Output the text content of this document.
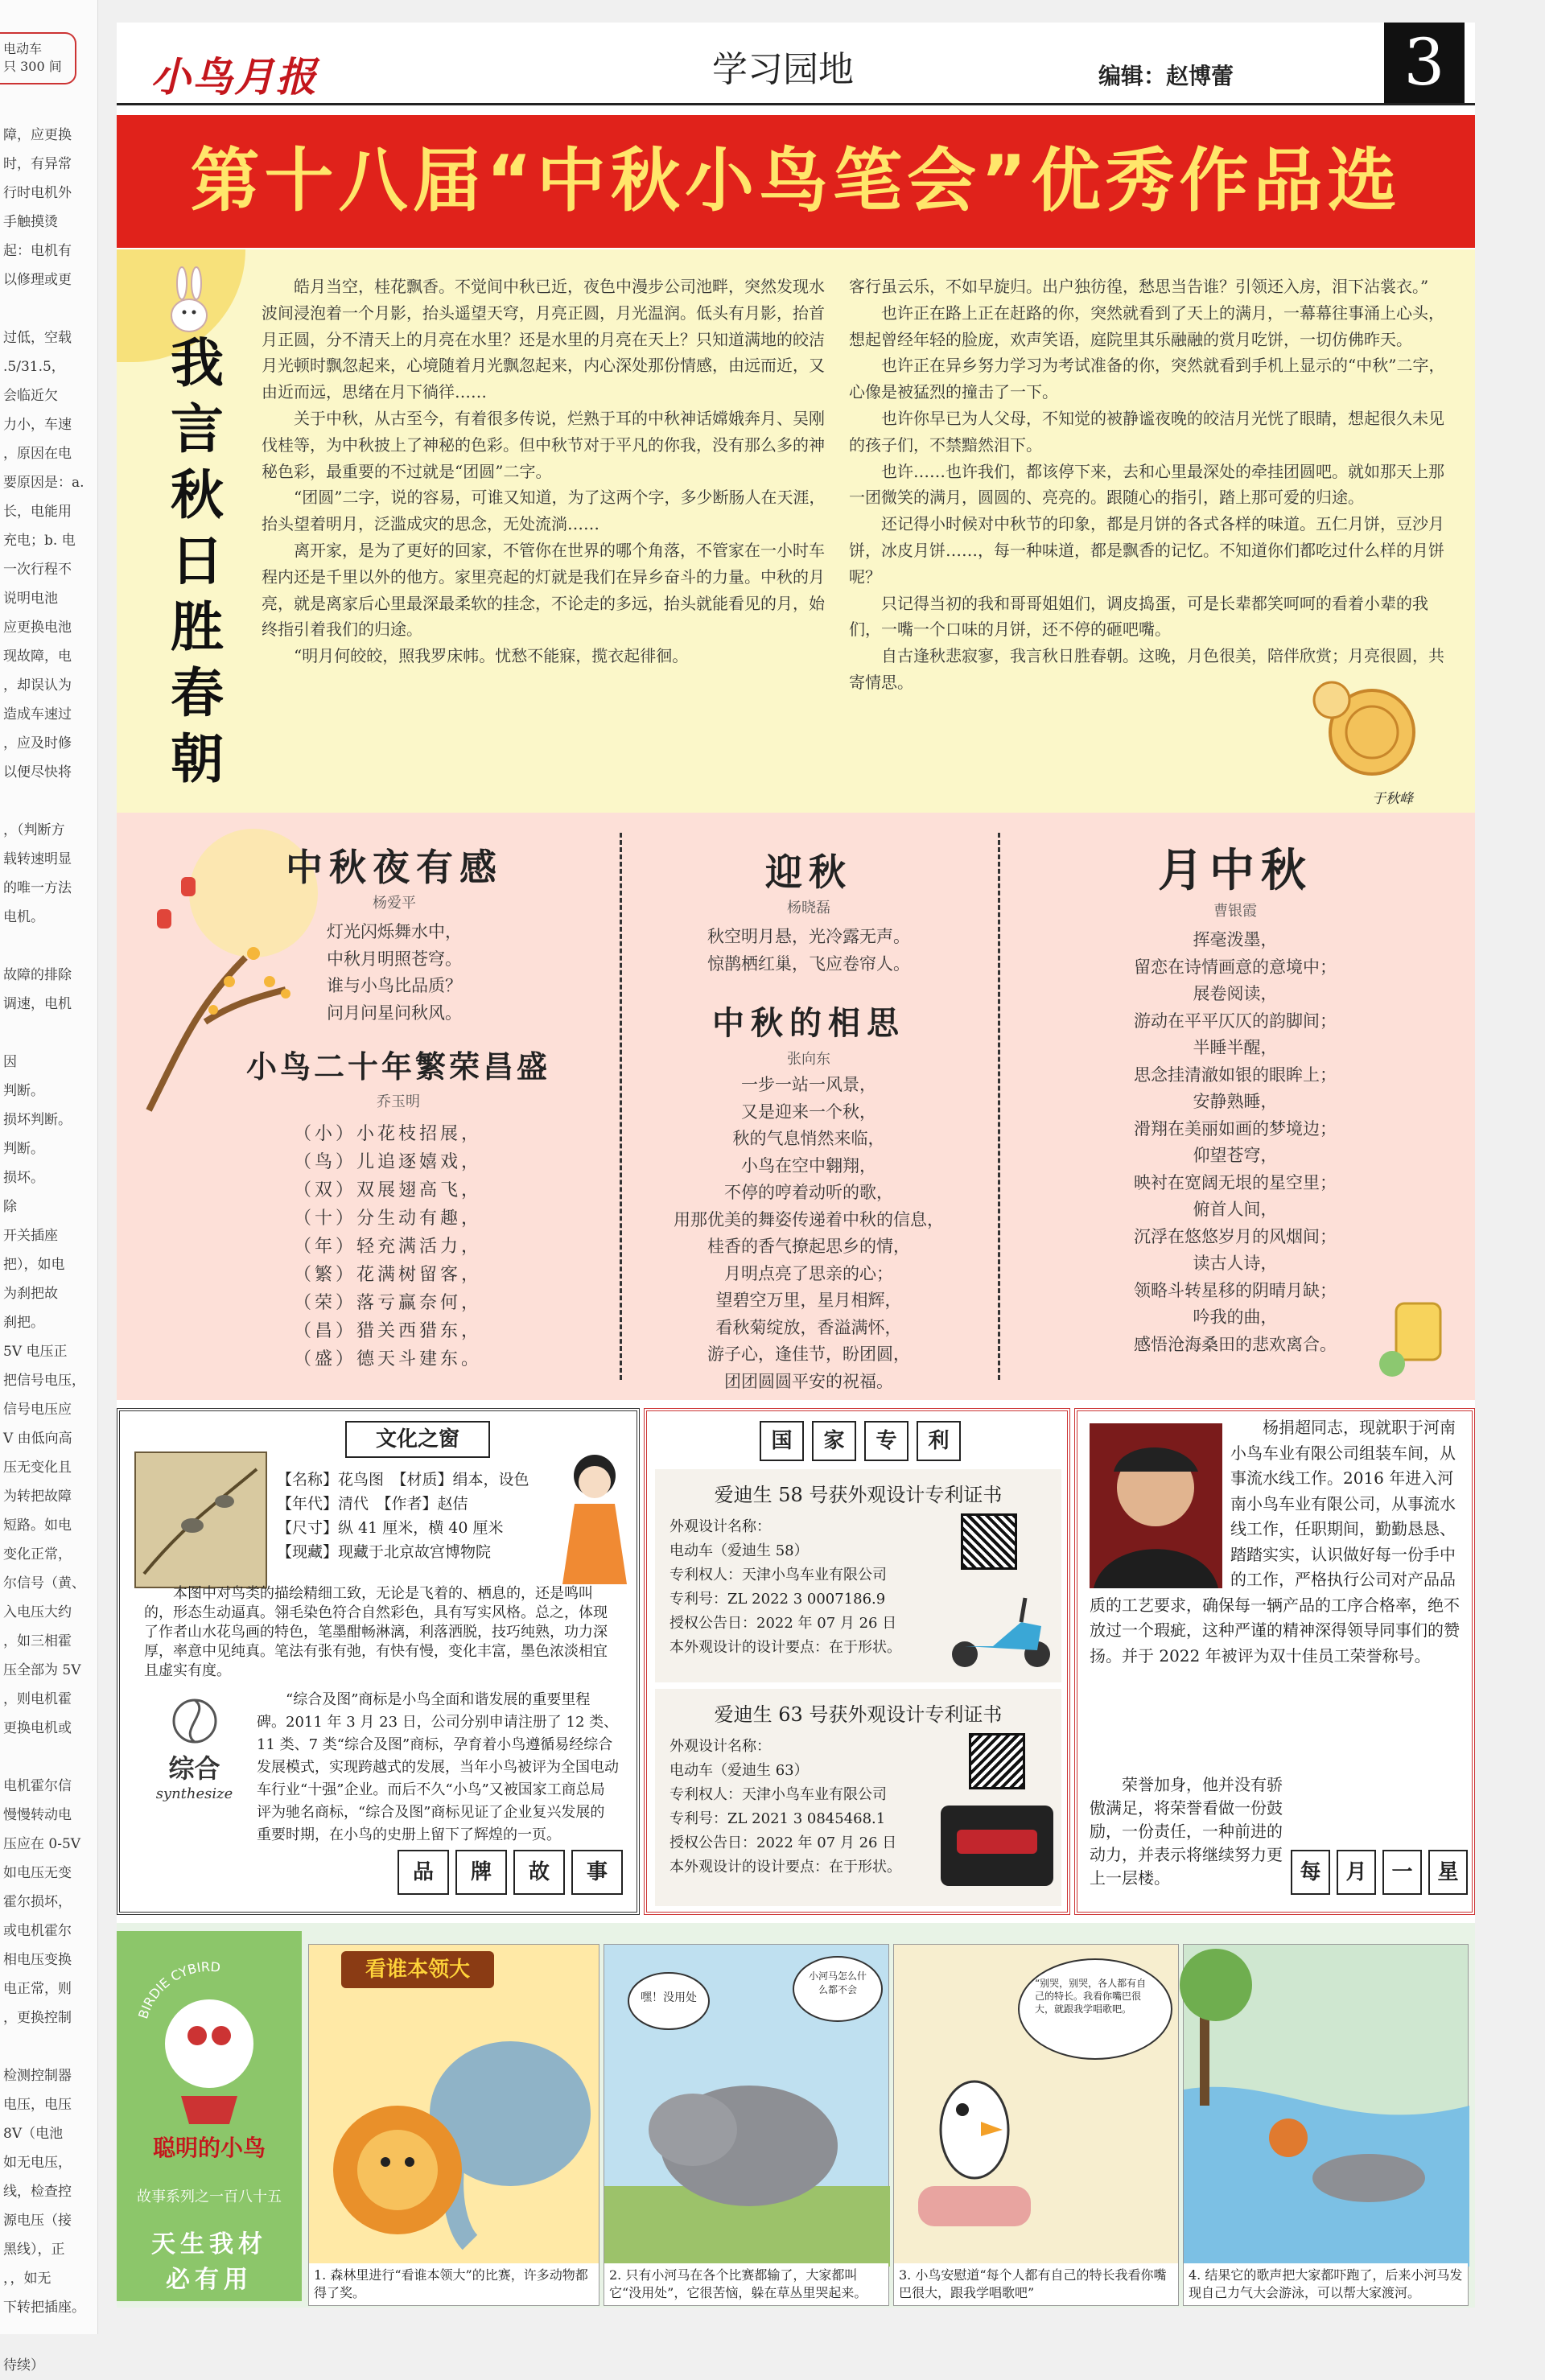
电动车
只 300 间
障，应更换
时，有异常
行时电机外
手触摸烫
起：电机有
以修理或更
过低，空载
.5/31.5，
会临近欠
力小，车速
，原因在电
要原因是：a.
长，电能用
充电；b. 电
一次行程不
说明电池
应更换电池
现故障，电
，却误认为
造成车速过
，应及时修
以便尽快将
，（判断方
载转速明显
的唯一方法
电机。
故障的排除
调速，电机
因
判断。
损坏判断。
判断。
损坏。
除
开关插座
把），如电
为刹把故
刹把。
5V 电压正
把信号电压，
信号电压应
V 由低向高
压无变化且
为转把故障
短路。如电
变化正常，
尔信号（黄、
入电压大约
，如三相霍
压全部为 5V
，则电机霍
更换电机或
电机霍尔信
慢慢转动电
压应在 0-5V
如电压无变
霍尔损坏，
或电机霍尔
相电压变换
电正常，则
，更换控制
检测控制器
电压，电压
8V（电池
如无电压，
线，检查控
源电压（接
黑线），正
，，如无
下转把插座。
待续）
小鸟月报	学习园地	编辑：赵博蕾	3
第十八届“中秋小鸟笔会”优秀作品选
我
言
秋
日
胜
春
朝

皓月当空，桂花飘香。不觉间中秋已近，夜色中漫步公司池畔，突然发现水波间浸泡着一个月影，抬头遥望天穹，月亮正圆，月光温润。低头有月影，抬首月正圆，分不清天上的月亮在水里？还是水里的月亮在天上？只知道满地的皎洁月光顿时飘忽起来，心境随着月光飘忽起来，内心深处那份情感，由远而近，又由近而远，思绪在月下徜徉……

关于中秋，从古至今，有着很多传说，烂熟于耳的中秋神话嫦娥奔月、吴刚伐桂等，为中秋披上了神秘的色彩。但中秋节对于平凡的你我，没有那么多的神秘色彩，最重要的不过就是“团圆”二字。

“团圆”二字，说的容易，可谁又知道，为了这两个字，多少断肠人在天涯，抬头望着明月，泛滥成灾的思念，无处流淌……

离开家，是为了更好的回家，不管你在世界的哪个角落，不管家在一小时车程内还是千里以外的他方。家里亮起的灯就是我们在异乡奋斗的力量。中秋的月亮，就是离家后心里最深最柔软的挂念，不论走的多远，抬头就能看见的月，始终指引着我们的归途。

“明月何皎皎，照我罗床帏。忧愁不能寐，揽衣起徘徊。

客行虽云乐，不如早旋归。出户独彷徨，愁思当告谁？引领还入房，泪下沾裳衣。”

也许正在路上正在赶路的你，突然就看到了天上的满月，一幕幕往事涌上心头，想起曾经年轻的脸庞，欢声笑语，庭院里其乐融融的赏月吃饼，一切仿佛昨天。

也许正在异乡努力学习为考试准备的你，突然就看到手机上显示的“中秋”二字，心像是被猛烈的撞击了一下。

也许你早已为人父母，不知觉的被静谧夜晚的皎洁月光恍了眼睛，想起很久未见的孩子们，不禁黯然泪下。

也许……也许我们，都该停下来，去和心里最深处的牵挂团圆吧。就如那天上那一团微笑的满月，圆圆的、亮亮的。跟随心的指引，踏上那可爱的归途。

还记得小时候对中秋节的印象，都是月饼的各式各样的味道。五仁月饼，豆沙月饼，冰皮月饼……，每一种味道，都是飘香的记忆。不知道你们都吃过什么样的月饼呢？

只记得当初的我和哥哥姐姐们，调皮捣蛋，可是长辈都笑呵呵的看着小辈的我们，一嘴一个口味的月饼，还不停的砸吧嘴。

自古逢秋悲寂寥，我言秋日胜春朝。这晚，月色很美，陪伴欣赏；月亮很圆，共寄情思。

于秋峰
中秋夜有感
杨爱平
灯光闪烁舞水中，
中秋月明照苍穹。
谁与小鸟比品质？
问月问星问秋风。
小鸟二十年繁荣昌盛
乔玉明
（小）小花枝招展，
（鸟）儿追逐嬉戏，
（双）双展翅高飞，
（十）分生动有趣，
（年）轻充满活力，
（繁）花满树留客，
（荣）落亏赢奈何，
（昌）猎关西猎东，
（盛）德天斗建东。
迎秋
杨晓磊
秋空明月悬，光冷露无声。
惊鹊栖红巢，飞应卷帘人。
中秋的相思
张向东
一步一站一风景，
又是迎来一个秋，
秋的气息悄然来临，
小鸟在空中翱翔，
不停的哼着动听的歌，
用那优美的舞姿传递着中秋的信息，
桂香的香气撩起思乡的情，
月明点亮了思亲的心；
望碧空万里，星月相辉，
看秋菊绽放，香溢满怀，
游子心，逢佳节，盼团圆，
团团圆圆平安的祝福。
月中秋
曹银霞
挥毫泼墨，
留恋在诗情画意的意境中；
展卷阅读，
游动在平平仄仄的韵脚间；
半睡半醒，
思念挂清澈如银的眼眸上；
安静熟睡，
滑翔在美丽如画的梦境边；
仰望苍穹，
映衬在宽阔无垠的星空里；
俯首人间，
沉浮在悠悠岁月的风烟间；
读古人诗，
领略斗转星移的阴晴月缺；
吟我的曲，
感悟沧海桑田的悲欢离合。
文化之窗
【名称】花鸟图　 【材质】绢本，设色
【年代】清代　 【作者】赵佶
【尺寸】纵 41 厘米，横 40 厘米
【现藏】现藏于北京故宫博物院
本图中对鸟类的描绘精细工致，无论是飞着的、栖息的，还是鸣叫的，形态生动逼真。翎毛染色符合自然彩色，具有写实风格。总之，体现了作者山水花鸟画的特色，笔墨酣畅淋漓，利落洒脱，技巧纯熟，功力深厚，率意中见纯真。笔法有张有弛，有快有慢，变化丰富，墨色浓淡相宜且虚实有度。
综合
synthesize
“综合及图”商标是小鸟全面和谐发展的重要里程碑。2011 年 3 月 23 日，公司分别申请注册了 12 类、11 类、7 类“综合及图”商标，孕育着小鸟遵循易经综合发展模式，实现跨越式的发展，当年小鸟被评为全国电动车行业“十强”企业。而后不久“小鸟”又被国家工商总局评为驰名商标，“综合及图”商标见证了企业复兴发展的重要时期，在小鸟的史册上留下了辉煌的一页。
品	牌	故	事
国	家	专	利
爱迪生 58 号获外观设计专利证书
外观设计名称：
电动车（爱迪生 58）
专利权人：天津小鸟车业有限公司
专利号：ZL 2022 3 0007186.9
授权公告日：2022 年 07 月 26 日
本外观设计的设计要点：在于形状。
爱迪生 63 号获外观设计专利证书
外观设计名称：
电动车（爱迪生 63）
专利权人：天津小鸟车业有限公司
专利号：ZL 2021 3 0845468.1
授权公告日：2022 年 07 月 26 日
本外观设计的设计要点：在于形状。
杨捐超同志，现就职于河南小鸟车业有限公司组装车间，从事流水线工作。2016 年进入河南小鸟车业有限公司，从事流水线工作，任职期间，勤勤恳恳、踏踏实实，认识做好每一份手中的工作，严格执行公司对产品品质的工艺要求，确保每一辆产品的工序合格率，绝不放过一个瑕疵，这种严谨的精神深得领导同事们的赞扬。并于 2022 年被评为双十佳员工荣誉称号。
荣誉加身，他并没有骄傲满足，将荣誉看做一份鼓励，一份责任，一种前进的动力，并表示将继续努力更上一层楼。	每	月	一	星
BIRDIE CYBIRD
聪明的小鸟
故事系列之一百八十五
天生我材
必有用
看谁本领大
1. 森林里进行“看谁本领大”的比赛，许多动物都得了奖。
嘿！没用处
小河马怎么什么都不会
2. 只有小河马在各个比赛都输了，大家都叫它“没用处”，它很苦恼，躲在草丛里哭起来。
“别哭，别哭，各人都有自己的特长。我看你嘴巴很大，就跟我学唱歌吧。
3. 小鸟安慰道“每个人都有自己的特长我看你嘴巴很大，跟我学唱歌吧”
4. 结果它的歌声把大家都吓跑了，后来小河马发现自己力气大会游泳，可以帮大家渡河。
